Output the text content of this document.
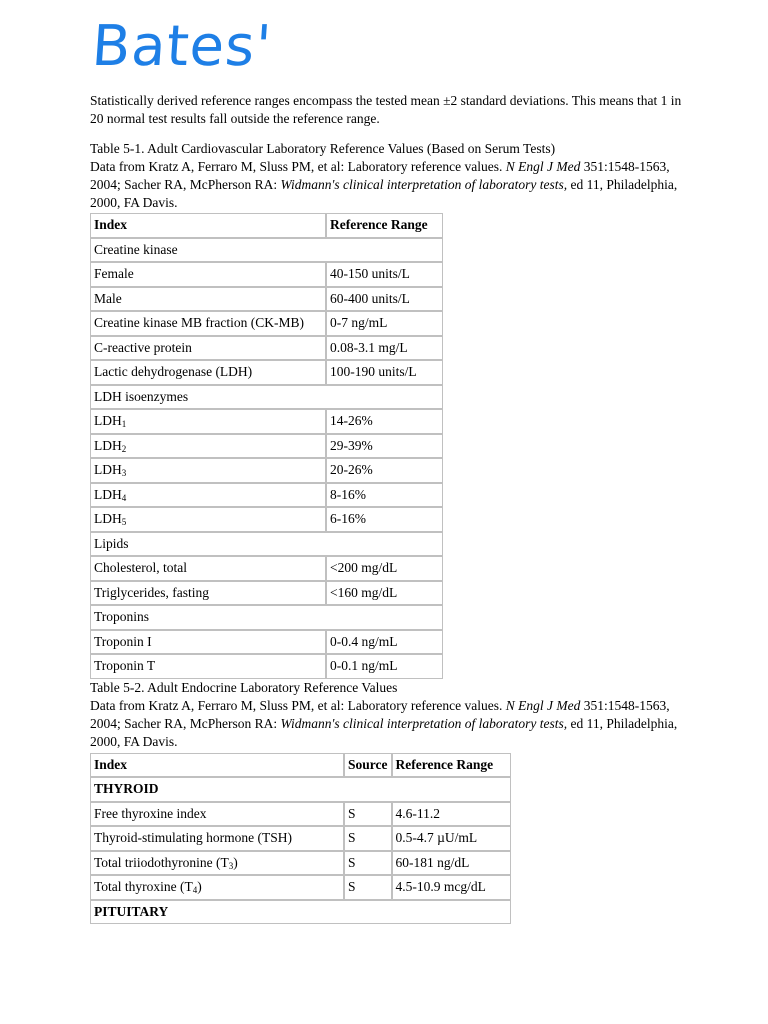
Bates'

Statistically derived reference ranges encompass the tested mean ±2 standard deviations. This means that 1 in 20 normal test results fall outside the reference range.

Table 5-1. Adult Cardiovascular Laboratory Reference Values (Based on Serum Tests)

Data from Kratz A, Ferraro M, Sluss PM, et al: Laboratory reference values. N Engl J Med 351:1548-1563, 2004; Sacher RA, McPherson RA: Widmann's clinical interpretation of laboratory tests, ed 11, Philadelphia, 2000, FA Davis.

Index	Reference Range
Creatine kinase	
Female	40-150 units/L
Male	60-400 units/L
Creatine kinase MB fraction (CK-MB)	0-7 ng/mL
C-reactive protein	0.08-3.1 mg/L
Lactic dehydrogenase (LDH)	100-190 units/L
LDH isoenzymes	
$LDH_1$	14-26%
$LDH_2$	29-39%
$LDH_3$	20-26%
$LDH_4$	8-16%
$LDH_5$	6-16%
Lipids	
Cholesterol, total	<200 mg/dL
Triglycerides, fasting	<160 mg/dL
Troponins	
Troponin I	0-0.4 ng/mL
Troponin T	0-0.1 ng/mL

Table 5-2. Adult Endocrine Laboratory Reference Values

Data from Kratz A, Ferraro M, Sluss PM, et al: Laboratory reference values. N Engl J Med 351:1548-1563, 2004; Sacher RA, McPherson RA: Widmann's clinical interpretation of laboratory tests, ed 11, Philadelphia, 2000, FA Davis.

Index	Source	Reference Range
THYROID		
Free thyroxine index	S	4.6-11.2
Thyroid-stimulating hormone (TSH)	S	0.5-4.7 µU/mL
Total triiodothyronine $(T_3)$	S	60-181 ng/dL
Total thyroxine $(T_4)$	S	4.5-10.9 mcg/dL
PITUITARY		
